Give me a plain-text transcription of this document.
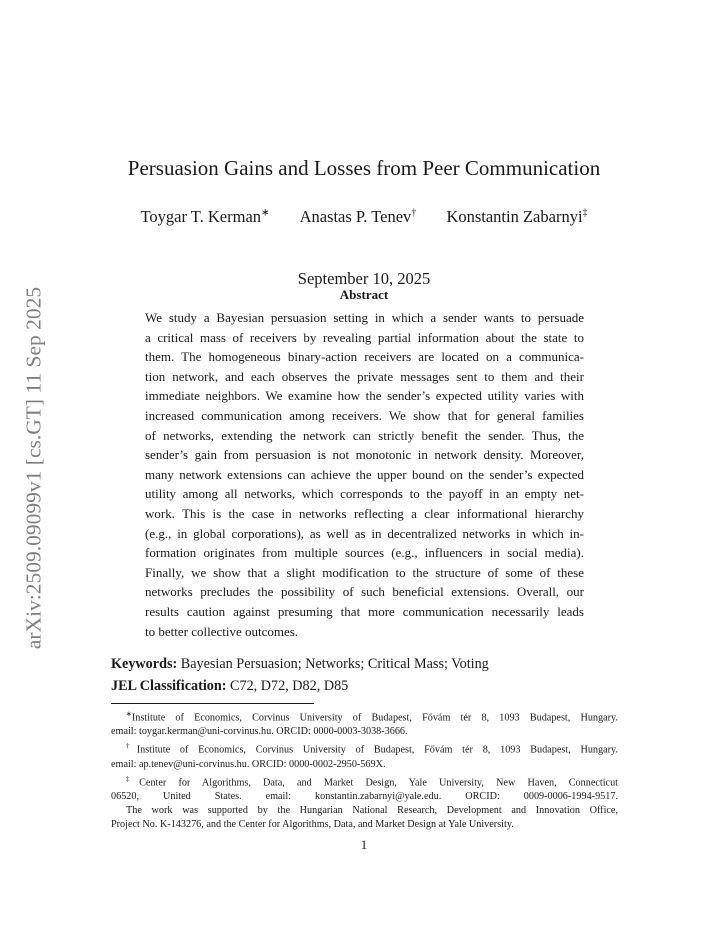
arXiv:2509.09099v1 [cs.GT] 11 Sep 2025
Persuasion Gains and Losses from Peer Communication
Toygar T. Kerman∗ Anastas P. Tenev† Konstantin Zabarnyi‡
September 10, 2025
Abstract
We study a Bayesian persuasion setting in which a sender wants to persuade
a critical mass of receivers by revealing partial information about the state to
them. The homogeneous binary-action receivers are located on a communica-
tion network, and each observes the private messages sent to them and their
immediate neighbors. We examine how the sender’s expected utility varies with
increased communication among receivers. We show that for general families
of networks, extending the network can strictly benefit the sender. Thus, the
sender’s gain from persuasion is not monotonic in network density. Moreover,
many network extensions can achieve the upper bound on the sender’s expected
utility among all networks, which corresponds to the payoff in an empty net-
work. This is the case in networks reflecting a clear informational hierarchy
(e.g., in global corporations), as well as in decentralized networks in which in-
formation originates from multiple sources (e.g., influencers in social media).
Finally, we show that a slight modification to the structure of some of these
networks precludes the possibility of such beneficial extensions. Overall, our
results caution against presuming that more communication necessarily leads
to better collective outcomes.
Keywords: Bayesian Persuasion; Networks; Critical Mass; Voting
JEL Classification: C72, D72, D82, D85
∗Institute of Economics, Corvinus University of Budapest, Fővám tér 8, 1093 Budapest, Hungary.
email: toygar.kerman@uni-corvinus.hu. ORCID: 0000-0003-3038-3666.
†Institute of Economics, Corvinus University of Budapest, Fővám tér 8, 1093 Budapest, Hungary.
email: ap.tenev@uni-corvinus.hu. ORCID: 0000-0002-2950-569X.
‡Center for Algorithms, Data, and Market Design, Yale University, New Haven, Connecticut
06520, United States. email: konstantin.zabarnyi@yale.edu. ORCID: 0009-0006-1994-9517.
The work was supported by the Hungarian National Research, Development and Innovation Office,
Project No. K-143276, and the Center for Algorithms, Data, and Market Design at Yale University.
1
